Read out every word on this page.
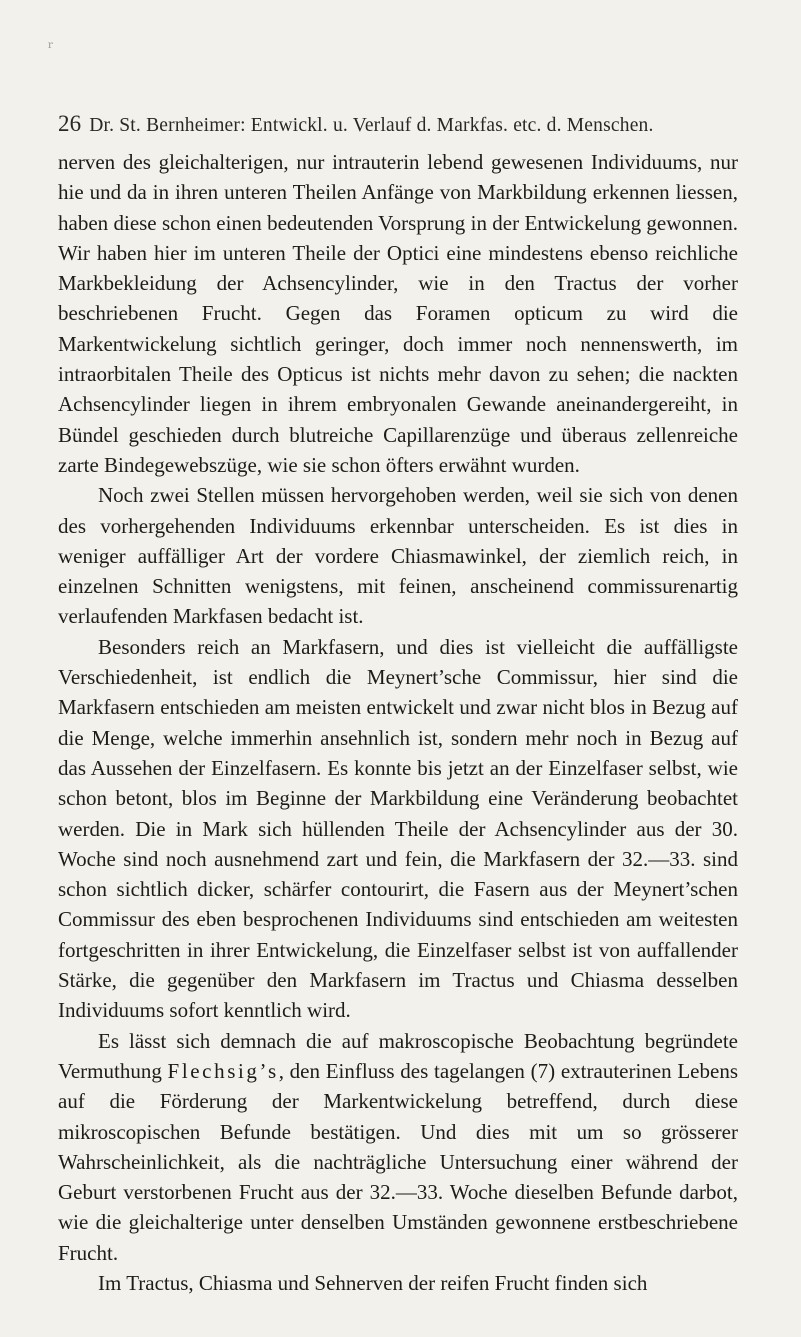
r
26 Dr. St. Bernheimer: Entwickl. u. Verlauf d. Markfas. etc. d. Menschen.

nerven des gleichalterigen, nur intrauterin lebend gewesenen Individuums, nur hie und da in ihren unteren Theilen Anfänge von Markbildung erkennen liessen, haben diese schon einen bedeutenden Vorsprung in der Entwickelung gewonnen. Wir haben hier im unteren Theile der Optici eine mindestens ebenso reichliche Markbekleidung der Achsencylinder, wie in den Tractus der vorher beschriebenen Frucht. Gegen das Foramen opticum zu wird die Markentwickelung sichtlich geringer, doch immer noch nennenswerth, im intraorbitalen Theile des Opticus ist nichts mehr davon zu sehen; die nackten Achsencylinder liegen in ihrem embryonalen Gewande aneinandergereiht, in Bündel geschieden durch blutreiche Capillarenzüge und überaus zellenreiche zarte Bindegewebszüge, wie sie schon öfters erwähnt wurden.

Noch zwei Stellen müssen hervorgehoben werden, weil sie sich von denen des vorhergehenden Individuums erkennbar unterscheiden. Es ist dies in weniger auffälliger Art der vordere Chiasmawinkel, der ziemlich reich, in einzelnen Schnitten wenigstens, mit feinen, anscheinend commissurenartig verlaufenden Markfasen bedacht ist.

Besonders reich an Markfasern, und dies ist vielleicht die auffälligste Verschiedenheit, ist endlich die Meynert’sche Commissur, hier sind die Markfasern entschieden am meisten entwickelt und zwar nicht blos in Bezug auf die Menge, welche immerhin ansehnlich ist, sondern mehr noch in Bezug auf das Aussehen der Einzelfasern. Es konnte bis jetzt an der Einzelfaser selbst, wie schon betont, blos im Beginne der Markbildung eine Veränderung beobachtet werden. Die in Mark sich hüllenden Theile der Achsencylinder aus der 30. Woche sind noch ausnehmend zart und fein, die Markfasern der 32.—33. sind schon sichtlich dicker, schärfer contourirt, die Fasern aus der Meynert’schen Commissur des eben besprochenen Individuums sind entschieden am weitesten fortgeschritten in ihrer Entwickelung, die Einzelfaser selbst ist von auffallender Stärke, die gegenüber den Markfasern im Tractus und Chiasma desselben Individuums sofort kenntlich wird.

Es lässt sich demnach die auf makroscopische Beobachtung begründete Vermuthung Flechsig’s, den Einfluss des tagelangen (7) extrauterinen Lebens auf die Förderung der Markentwickelung betreffend, durch diese mikroscopischen Befunde bestätigen. Und dies mit um so grösserer Wahrscheinlichkeit, als die nachträgliche Untersuchung einer während der Geburt verstorbenen Frucht aus der 32.—33. Woche dieselben Befunde darbot, wie die gleichalterige unter denselben Umständen gewonnene erstbeschriebene Frucht.

Im Tractus, Chiasma und Sehnerven der reifen Frucht finden sich
